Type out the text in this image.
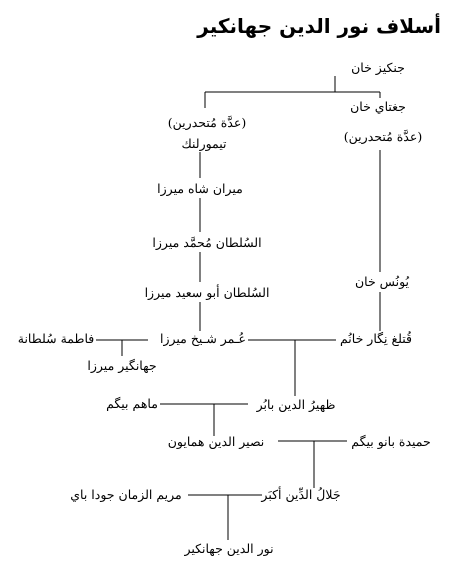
أسلاف نور الدين جهانكير
جنكيز خان
جغتاي خان
(عدَّة مُتحدرين)
(عدَّة مُتحدرين)
تيمورلنك
ميران شاه ميرزا
السُلطان مُحمَّد ميرزا
السُلطان أبو سعيد ميرزا
يُونُس خان
قُتلغ نِگار خانُم
عُـمر شـيخ ميرزا
فاطمة سُلطانة
جهانگير ميرزا
ظهيرُ الدين بابُر
ماهم بيگم
نصير الدين همايون	حميدة بانو بيگم
جَلالُ الدِّين أكبَر
مريم الزمان جودا باي
نور الدين جهانكير
